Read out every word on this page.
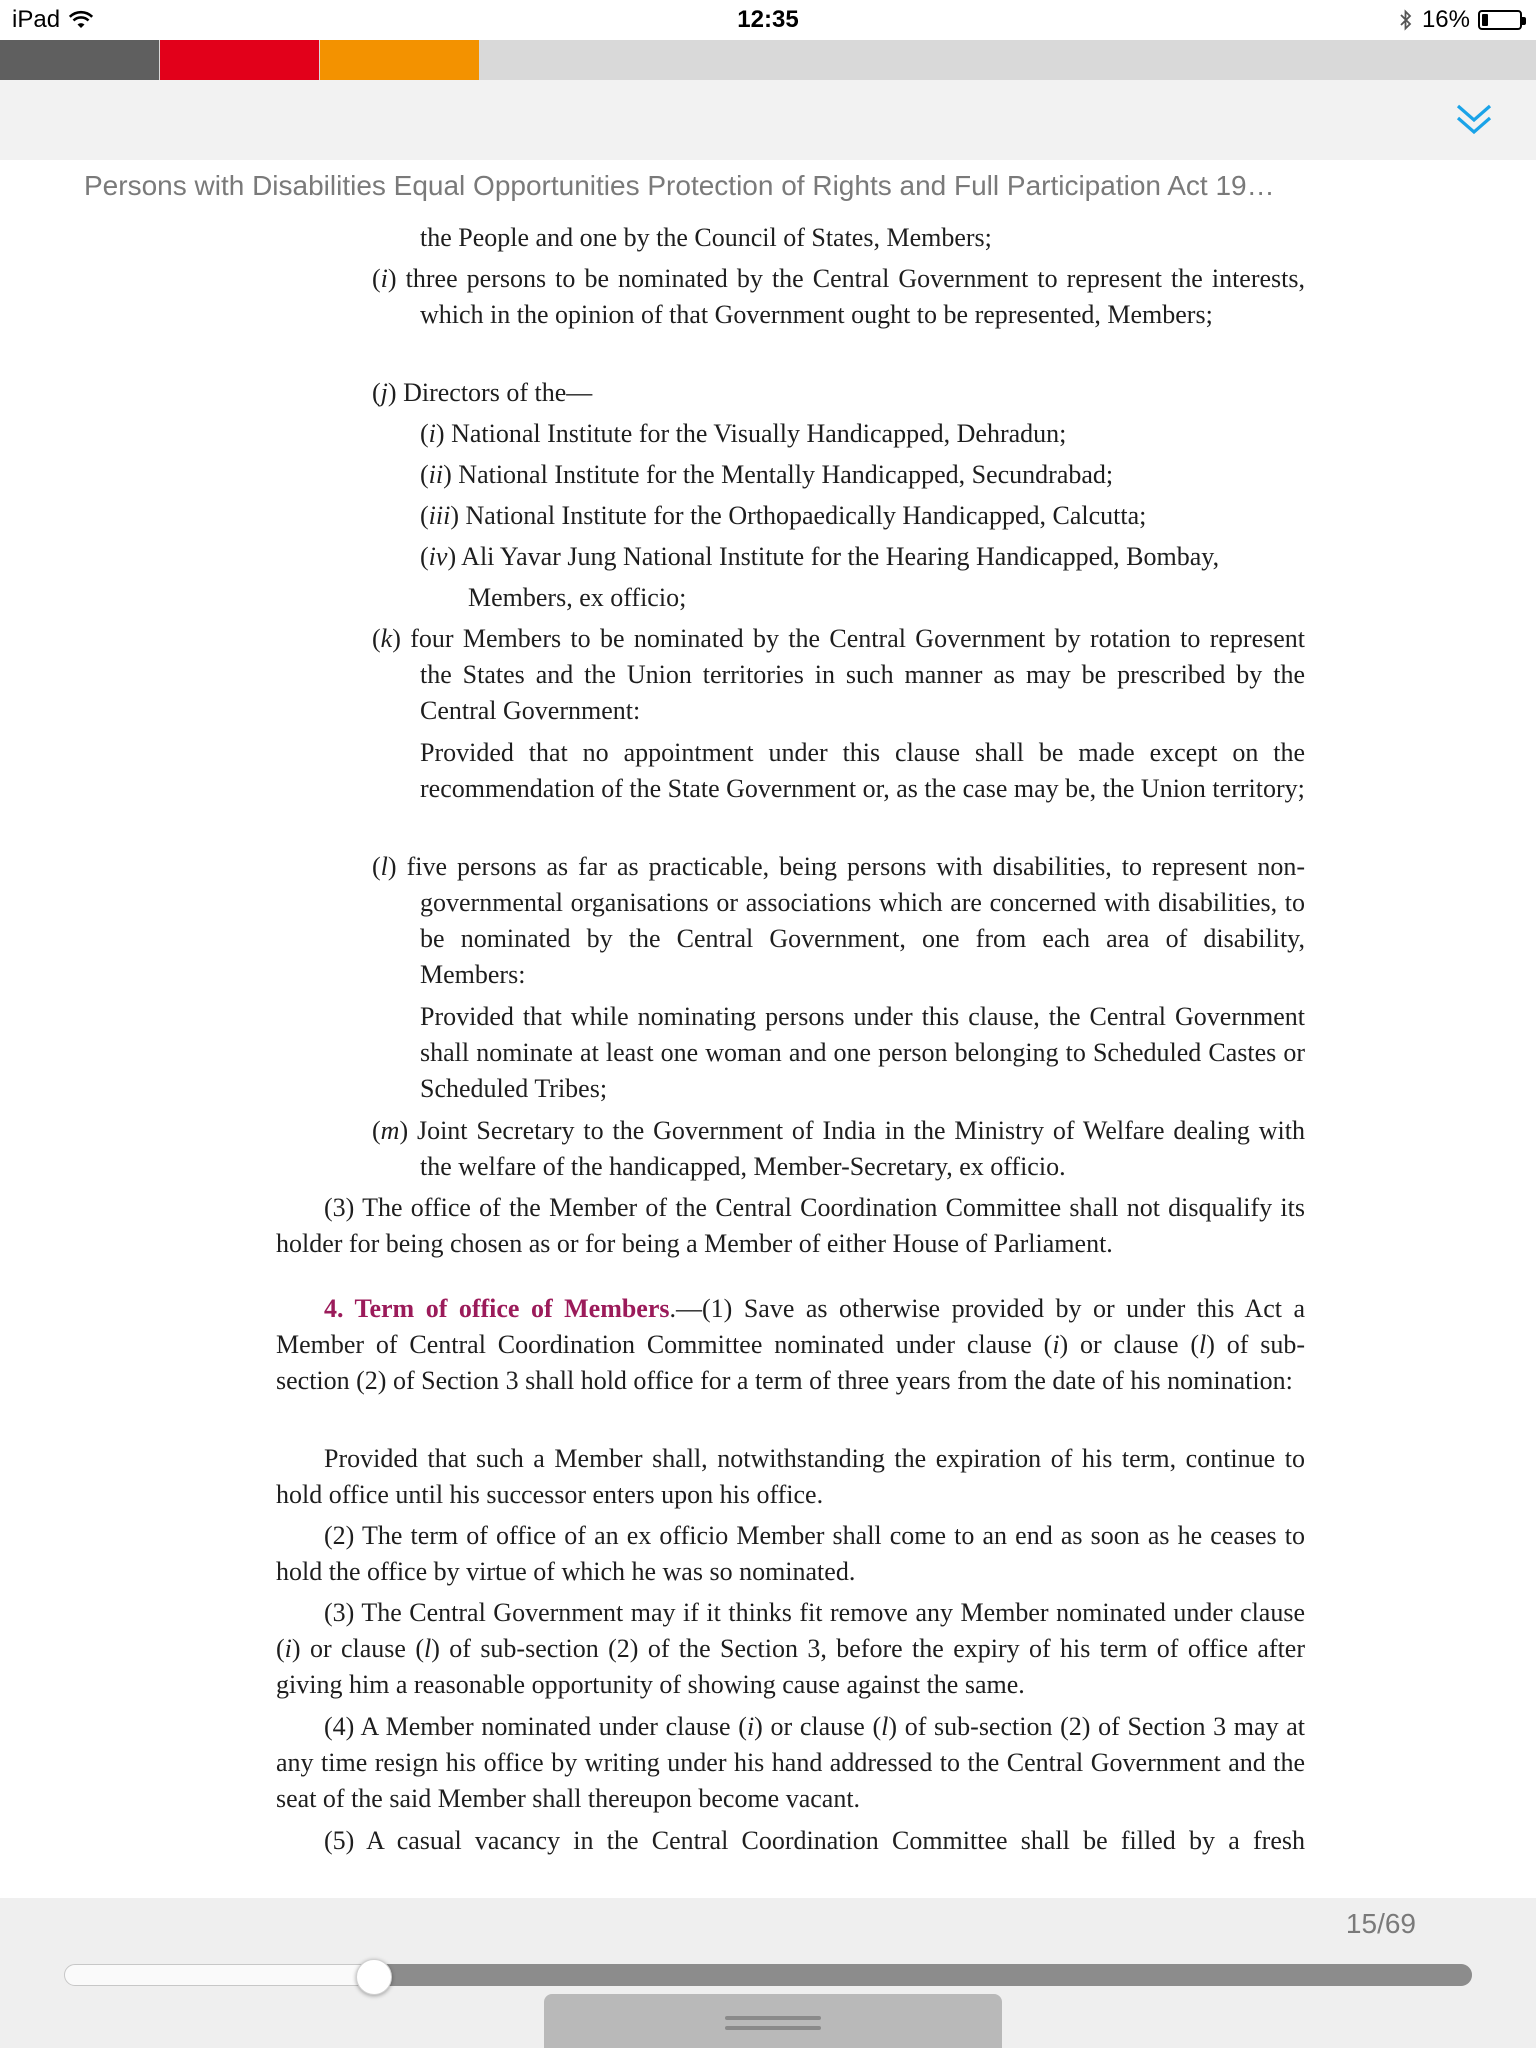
iPad	12:35	16%
Persons with Disabilities Equal Opportunities Protection of Rights and Full Participation Act 19…
the People and one by the Council of States, Members;
(i) three persons to be nominated by the Central Government to represent the interests, which in the opinion of that Government ought to be represented, Members;
(j) Directors of the—
(i) National Institute for the Visually Handicapped, Dehradun;
(ii) National Institute for the Mentally Handicapped, Secundrabad;
(iii) National Institute for the Orthopaedically Handicapped, Calcutta;
(iv) Ali Yavar Jung National Institute for the Hearing Handicapped, Bombay,
Members, ex officio;
(k) four Members to be nominated by the Central Government by rotation to represent the States and the Union territories in such manner as may be prescribed by the Central Government:
Provided that no appointment under this clause shall be made except on the recommendation of the State Government or, as the case may be, the Union territory;
(l) five persons as far as practicable, being persons with disabilities, to represent non-governmental organisations or associations which are concerned with disabilities, to be nominated by the Central Government, one from each area of disability, Members:
Provided that while nominating persons under this clause, the Central Government shall nominate at least one woman and one person belonging to Scheduled Castes or Scheduled Tribes;
(m) Joint Secretary to the Government of India in the Ministry of Welfare dealing with the welfare of the handicapped, Member-Secretary, ex officio.
(3) The office of the Member of the Central Coordination Committee shall not disqualify its holder for being chosen as or for being a Member of either House of Parliament.
4. Term of office of Members.—(1) Save as otherwise provided by or under this Act a Member of Central Coordination Committee nominated under clause (i) or clause (l) of sub-section (2) of Section 3 shall hold office for a term of three years from the date of his nomination:
Provided that such a Member shall, notwithstanding the expiration of his term, continue to hold office until his successor enters upon his office.
(2) The term of office of an ex officio Member shall come to an end as soon as he ceases to hold the office by virtue of which he was so nominated.
(3) The Central Government may if it thinks fit remove any Member nominated under clause (i) or clause (l) of sub-section (2) of the Section 3, before the expiry of his term of office after giving him a reasonable opportunity of showing cause against the same.
(4) A Member nominated under clause (i) or clause (l) of sub-section (2) of Section 3 may at any time resign his office by writing under his hand addressed to the Central Government and the seat of the said Member shall thereupon become vacant.
(5) A casual vacancy in the Central Coordination Committee shall be filled by a fresh
15/69
